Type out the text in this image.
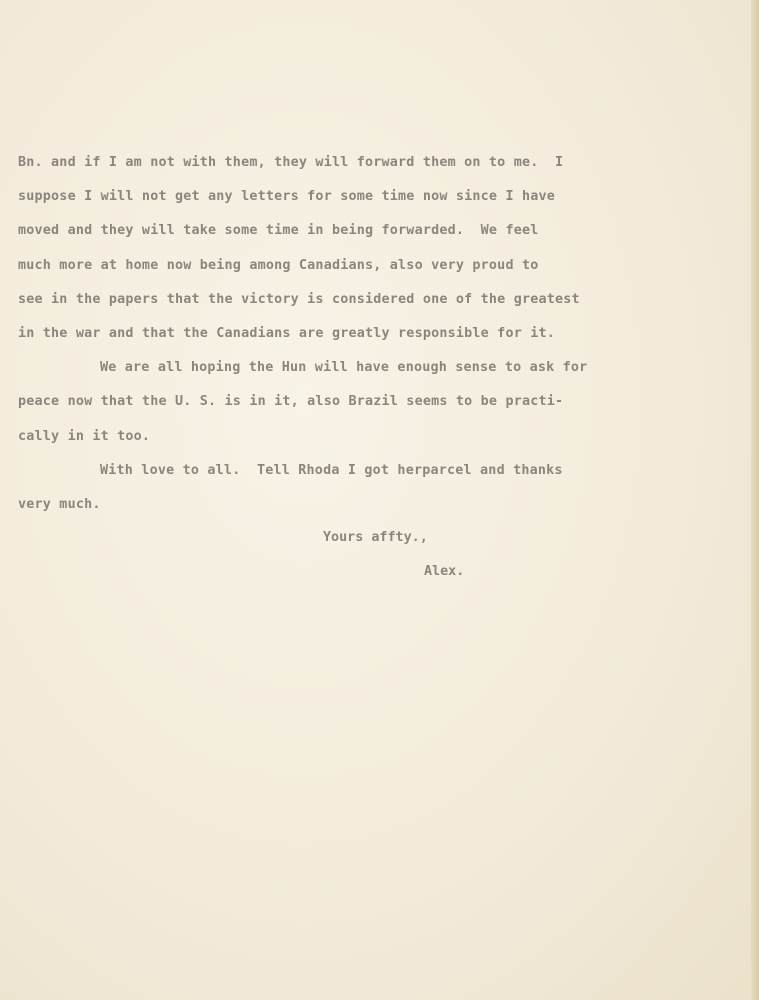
Bn. and if I am not with them, they will forward them on to me.  I
suppose I will not get any letters for some time now since I have
moved and they will take some time in being forwarded.  We feel
much more at home now being among Canadians, also very proud to
see in the papers that the victory is considered one of the greatest
in the war and that the Canadians are greatly responsible for it.
We are all hoping the Hun will have enough sense to ask for
peace now that the U. S. is in it, also Brazil seems to be practi-
cally in it too.
With love to all.  Tell Rhoda I got herparcel and thanks
very much.
Yours affty.,
Alex.
